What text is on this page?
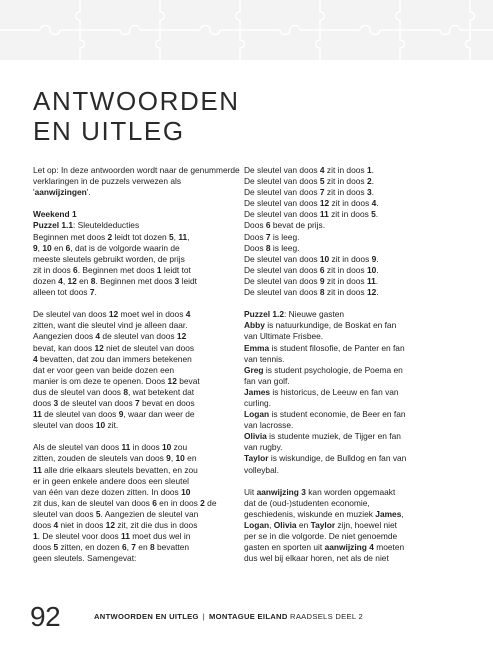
ANTWOORDEN
EN UITLEG

Let op: In deze antwoorden wordt naar de genummerde verklaringen in de puzzels verwezen als 'aanwijzingen'.

Weekend 1

Puzzel 1.1: Sleuteldeducties

Beginnen met doos 2 leidt tot dozen 5, 11,
9, 10 en 6, dat is de volgorde waarin de
meeste sleutels gebruikt worden, de prijs
zit in doos 6. Beginnen met doos 1 leidt tot
dozen 4, 12 en 8. Beginnen met doos 3 leidt
alleen tot doos 7.

De sleutel van doos 12 moet wel in doos 4
zitten, want die sleutel vind je alleen daar.
Aangezien doos 4 de sleutel van doos 12
bevat, kan doos 12 niet de sleutel van doos
4 bevatten, dat zou dan immers betekenen
dat er voor geen van beide dozen een
manier is om deze te openen. Doos 12 bevat
dus de sleutel van doos 8, wat betekent dat
doos 3 de sleutel van doos 7 bevat en doos
11 de sleutel van doos 9, waar dan weer de
sleutel van doos 10 zit.

Als de sleutel van doos 11 in doos 10 zou
zitten, zouden de sleutels van doos 9, 10 en
11 alle drie elkaars sleutels bevatten, en zou
er in geen enkele andere doos een sleutel
van één van deze dozen zitten. In doos 10
zit dus, kan de sleutel van doos 6 en in doos 2 de
sleutel van doos 5. Aangezien de sleutel van
doos 4 niet in doos 12 zit, zit die dus in doos
1. De sleutel voor doos 11 moet dus wel in
doos 5 zitten, en dozen 6, 7 en 8 bevatten
geen sleutels. Samengevat:

De sleutel van doos 4 zit in doos 1.
De sleutel van doos 5 zit in doos 2.
De sleutel van doos 7 zit in doos 3.
De sleutel van doos 12 zit in doos 4.
De sleutel van doos 11 zit in doos 5.
Doos 6 bevat de prijs.
Doos 7 is leeg.
Doos 8 is leeg.
De sleutel van doos 10 zit in doos 9.
De sleutel van doos 6 zit in doos 10.
De sleutel van doos 9 zit in doos 11.
De sleutel van doos 8 zit in doos 12.

Puzzel 1.2: Nieuwe gasten

Abby is natuurkundige, de Boskat en fan
van Ultimate Frisbee.
Emma is student filosofie, de Panter en fan
van tennis.
Greg is student psychologie, de Poema en
fan van golf.
James is historicus, de Leeuw en fan van
curling.
Logan is student economie, de Beer en fan
van lacrosse.
Olivia is studente muziek, de Tijger en fan
van rugby.
Taylor is wiskundige, de Bulldog en fan van
volleybal.

Uit aanwijzing 3 kan worden opgemaakt
dat de (oud-)studenten economie,
geschiedenis, wiskunde en muziek James,
Logan, Olivia en Taylor zijn, hoewel niet
per se in die volgorde. De niet genoemde
gasten en sporten uit aanwijzing 4 moeten
dus wel bij elkaar horen, net als de niet

92	ANTWOORDEN EN UITLEG | MONTAGUE EILAND RAADSELS DEEL 2
